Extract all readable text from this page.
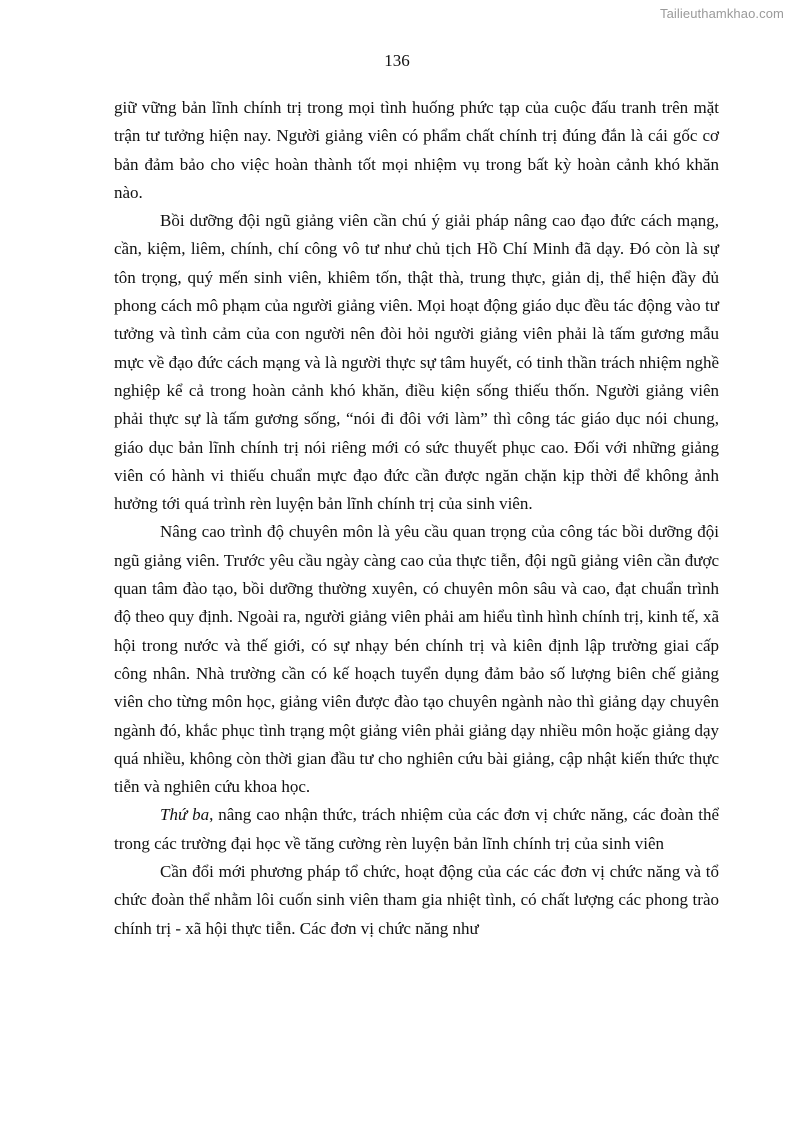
Tailieuthamkhao.com
136

giữ vững bản lĩnh chính trị trong mọi tình huống phức tạp của cuộc đấu tranh trên mặt trận tư tưởng hiện nay. Người giảng viên có phẩm chất chính trị đúng đắn là cái gốc cơ bản đảm bảo cho việc hoàn thành tốt mọi nhiệm vụ trong bất kỳ hoàn cảnh khó khăn nào.

Bồi dưỡng đội ngũ giảng viên cần chú ý giải pháp nâng cao đạo đức cách mạng, cần, kiệm, liêm, chính, chí công vô tư như chủ tịch Hồ Chí Minh đã dạy. Đó còn là sự tôn trọng, quý mến sinh viên, khiêm tốn, thật thà, trung thực, giản dị, thể hiện đầy đủ phong cách mô phạm của người giảng viên. Mọi hoạt động giáo dục đều tác động vào tư tưởng và tình cảm của con người nên đòi hỏi người giảng viên phải là tấm gương mẫu mực về đạo đức cách mạng và là người thực sự tâm huyết, có tinh thần trách nhiệm nghề nghiệp kể cả trong hoàn cảnh khó khăn, điều kiện sống thiếu thốn. Người giảng viên phải thực sự là tấm gương sống, “nói đi đôi với làm” thì công tác giáo dục nói chung, giáo dục bản lĩnh chính trị nói riêng mới có sức thuyết phục cao. Đối với những giảng viên có hành vi thiếu chuẩn mực đạo đức cần được ngăn chặn kịp thời để không ảnh hưởng tới quá trình rèn luyện bản lĩnh chính trị của sinh viên.

Nâng cao trình độ chuyên môn là yêu cầu quan trọng của công tác bồi dưỡng đội ngũ giảng viên. Trước yêu cầu ngày càng cao của thực tiễn, đội ngũ giảng viên cần được quan tâm đào tạo, bồi dưỡng thường xuyên, có chuyên môn sâu và cao, đạt chuẩn trình độ theo quy định. Ngoài ra, người giảng viên phải am hiểu tình hình chính trị, kinh tế, xã hội trong nước và thế giới, có sự nhạy bén chính trị và kiên định lập trường giai cấp công nhân. Nhà trường cần có kế hoạch tuyển dụng đảm bảo số lượng biên chế giảng viên cho từng môn học, giảng viên được đào tạo chuyên ngành nào thì giảng dạy chuyên ngành đó, khắc phục tình trạng một giảng viên phải giảng dạy nhiều môn hoặc giảng dạy quá nhiều, không còn thời gian đầu tư cho nghiên cứu bài giảng, cập nhật kiến thức thực tiễn và nghiên cứu khoa học.

Thứ ba, nâng cao nhận thức, trách nhiệm của các đơn vị chức năng, các đoàn thể trong các trường đại học về tăng cường rèn luyện bản lĩnh chính trị của sinh viên

Cần đổi mới phương pháp tổ chức, hoạt động của các các đơn vị chức năng và tổ chức đoàn thể nhằm lôi cuốn sinh viên tham gia nhiệt tình, có chất lượng các phong trào chính trị - xã hội thực tiễn. Các đơn vị chức năng như
